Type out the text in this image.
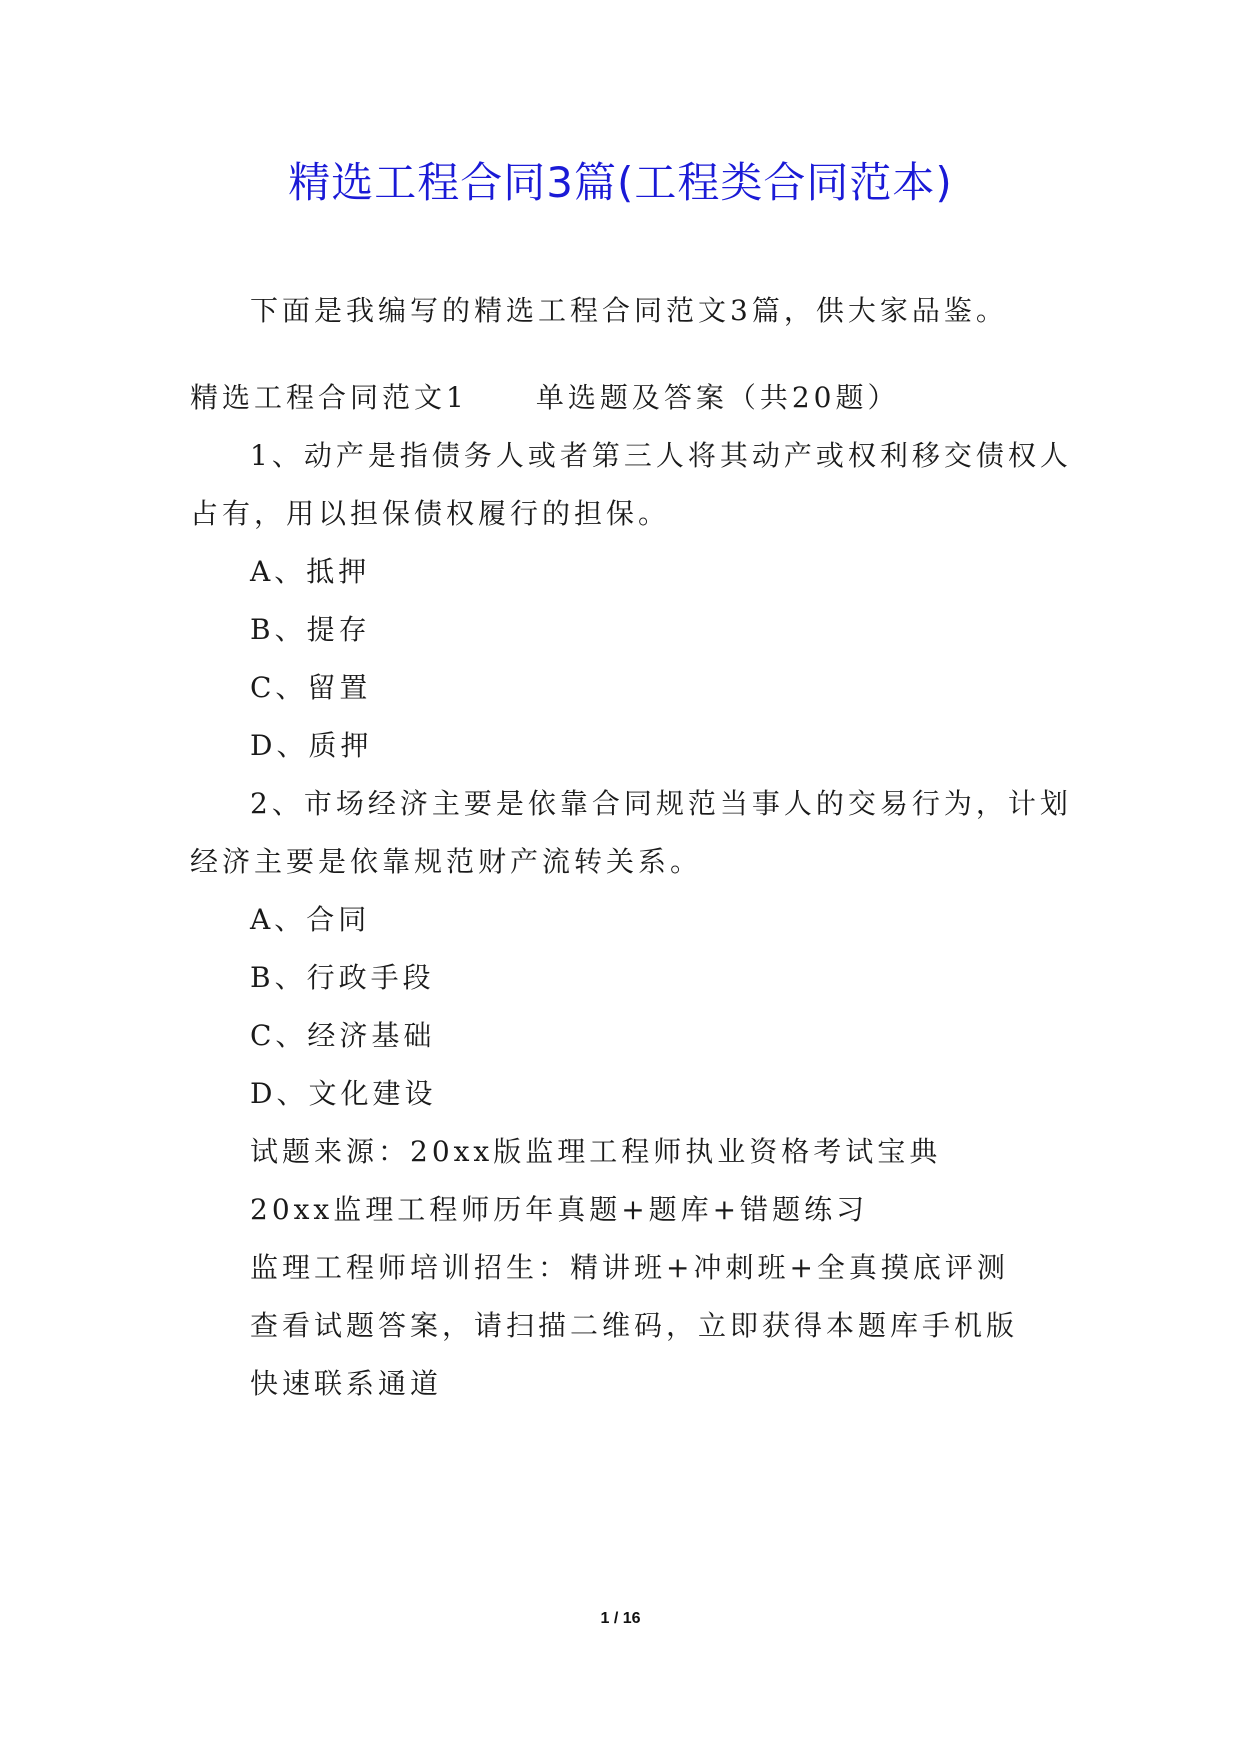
精选工程合同3篇(工程类合同范本)
下面是我编写的精选工程合同范文3篇，供大家品鉴。
精选工程合同范文1 单选题及答案（共20题）
1、动产是指债务人或者第三人将其动产或权利移交债权人
占有，用以担保债权履行的担保。
A、抵押
B、提存
C、留置
D、质押
2、市场经济主要是依靠合同规范当事人的交易行为，计划
经济主要是依靠规范财产流转关系。
A、合同
B、行政手段
C、经济基础
D、文化建设
试题来源：20xx版监理工程师执业资格考试宝典
20xx监理工程师历年真题+题库+错题练习
监理工程师培训招生：精讲班+冲刺班+全真摸底评测
查看试题答案，请扫描二维码，立即获得本题库手机版
快速联系通道
1 / 16
